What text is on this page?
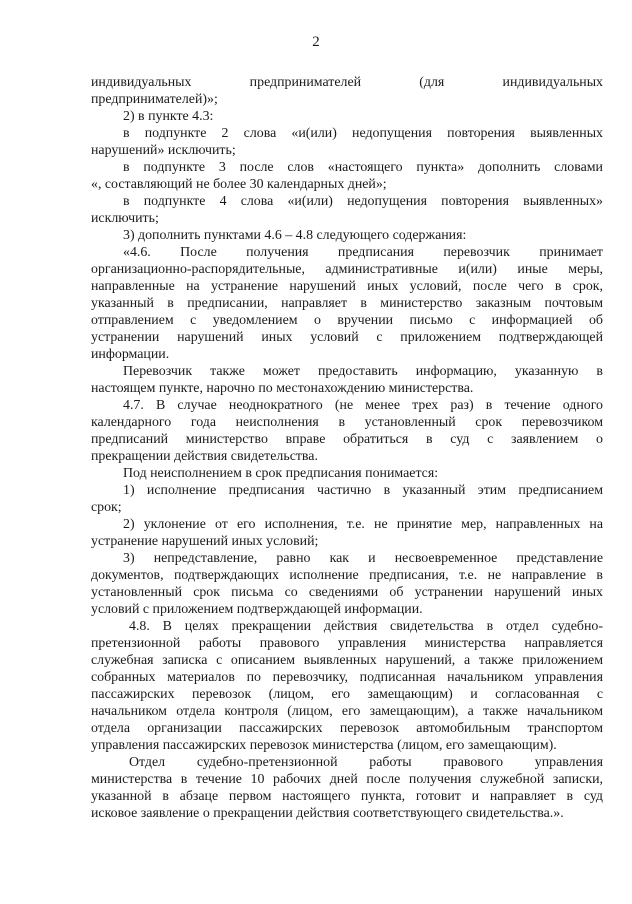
2
индивидуальных предпринимателей (для индивидуальных
предпринимателей)»;
2) в пункте 4.3:
в подпункте 2 слова «и(или) недопущения повторения выявленных
нарушений» исключить;
в подпункте 3 после слов «настоящего пункта» дополнить словами
«, составляющий не более 30 календарных дней»;
в подпункте 4 слова «и(или) недопущения повторения выявленных»
исключить;
3) дополнить пунктами 4.6 – 4.8 следующего содержания:
«4.6. После получения предписания перевозчик принимает
организационно-распорядительные, административные и(или) иные меры,
направленные на устранение нарушений иных условий, после чего в срок,
указанный в предписании, направляет в министерство заказным почтовым
отправлением с уведомлением о вручении письмо с информацией об
устранении нарушений иных условий с приложением подтверждающей
информации.
Перевозчик также может предоставить информацию, указанную в
настоящем пункте, нарочно по местонахождению министерства.
4.7. В случае неоднократного (не менее трех раз) в течение одного
календарного года неисполнения в установленный срок перевозчиком
предписаний министерство вправе обратиться в суд с заявлением о
прекращении действия свидетельства.
Под неисполнением в срок предписания понимается:
1) исполнение предписания частично в указанный этим предписанием
срок;
2) уклонение от его исполнения, т.е. не принятие мер, направленных на
устранение нарушений иных условий;
3) непредставление, равно как и несвоевременное представление
документов, подтверждающих исполнение предписания, т.е. не направление в
установленный срок письма со сведениями об устранении нарушений иных
условий с приложением подтверждающей информации.
4.8. В целях прекращении действия свидетельства в отдел судебно-
претензионной работы правового управления министерства направляется
служебная записка с описанием выявленных нарушений, а также приложением
собранных материалов по перевозчику, подписанная начальником управления
пассажирских перевозок (лицом, его замещающим) и согласованная с
начальником отдела контроля (лицом, его замещающим), а также начальником
отдела организации пассажирских перевозок автомобильным транспортом
управления пассажирских перевозок министерства (лицом, его замещающим).
Отдел судебно-претензионной работы правового управления
министерства в течение 10 рабочих дней после получения служебной записки,
указанной в абзаце первом настоящего пункта, готовит и направляет в суд
исковое заявление о прекращении действия соответствующего свидетельства.».
